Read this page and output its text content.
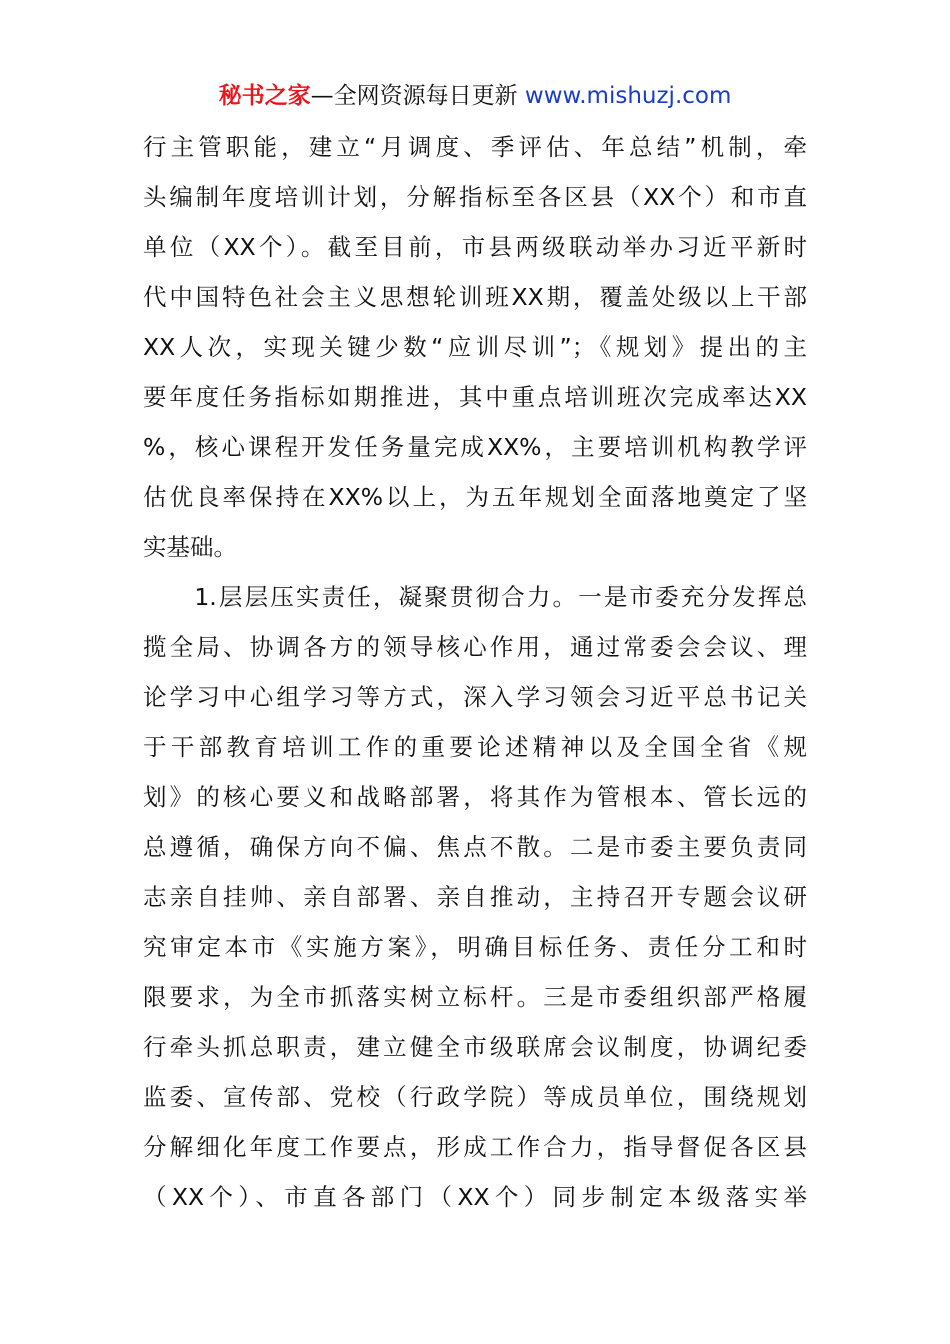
秘书之家—全网资源每日更新 www.mishuzj.com
行主管职能，建立“月调度、季评估、年总结”机制，牵
头编制年度培训计划，分解指标至各区县（XX个）和市直
单位（XX个）。截至目前，市县两级联动举办习近平新时
代中国特色社会主义思想轮训班XX期，覆盖处级以上干部
XX人次，实现关键少数“应训尽训”；《规划》提出的主
要年度任务指标如期推进，其中重点培训班次完成率达XX
%，核心课程开发任务量完成XX%，主要培训机构教学评
估优良率保持在XX%以上，为五年规划全面落地奠定了坚
实基础。
　　1.层层压实责任，凝聚贯彻合力。一是市委充分发挥总
揽全局、协调各方的领导核心作用，通过常委会会议、理
论学习中心组学习等方式，深入学习领会习近平总书记关
于干部教育培训工作的重要论述精神以及全国全省《规
划》的核心要义和战略部署，将其作为管根本、管长远的
总遵循，确保方向不偏、焦点不散。二是市委主要负责同
志亲自挂帅、亲自部署、亲自推动，主持召开专题会议研
究审定本市《实施方案》，明确目标任务、责任分工和时
限要求，为全市抓落实树立标杆。三是市委组织部严格履
行牵头抓总职责，建立健全市级联席会议制度，协调纪委
监委、宣传部、党校（行政学院）等成员单位，围绕规划
分解细化年度工作要点，形成工作合力，指导督促各区县
（XX个）、市直各部门（XX个）同步制定本级落实举
